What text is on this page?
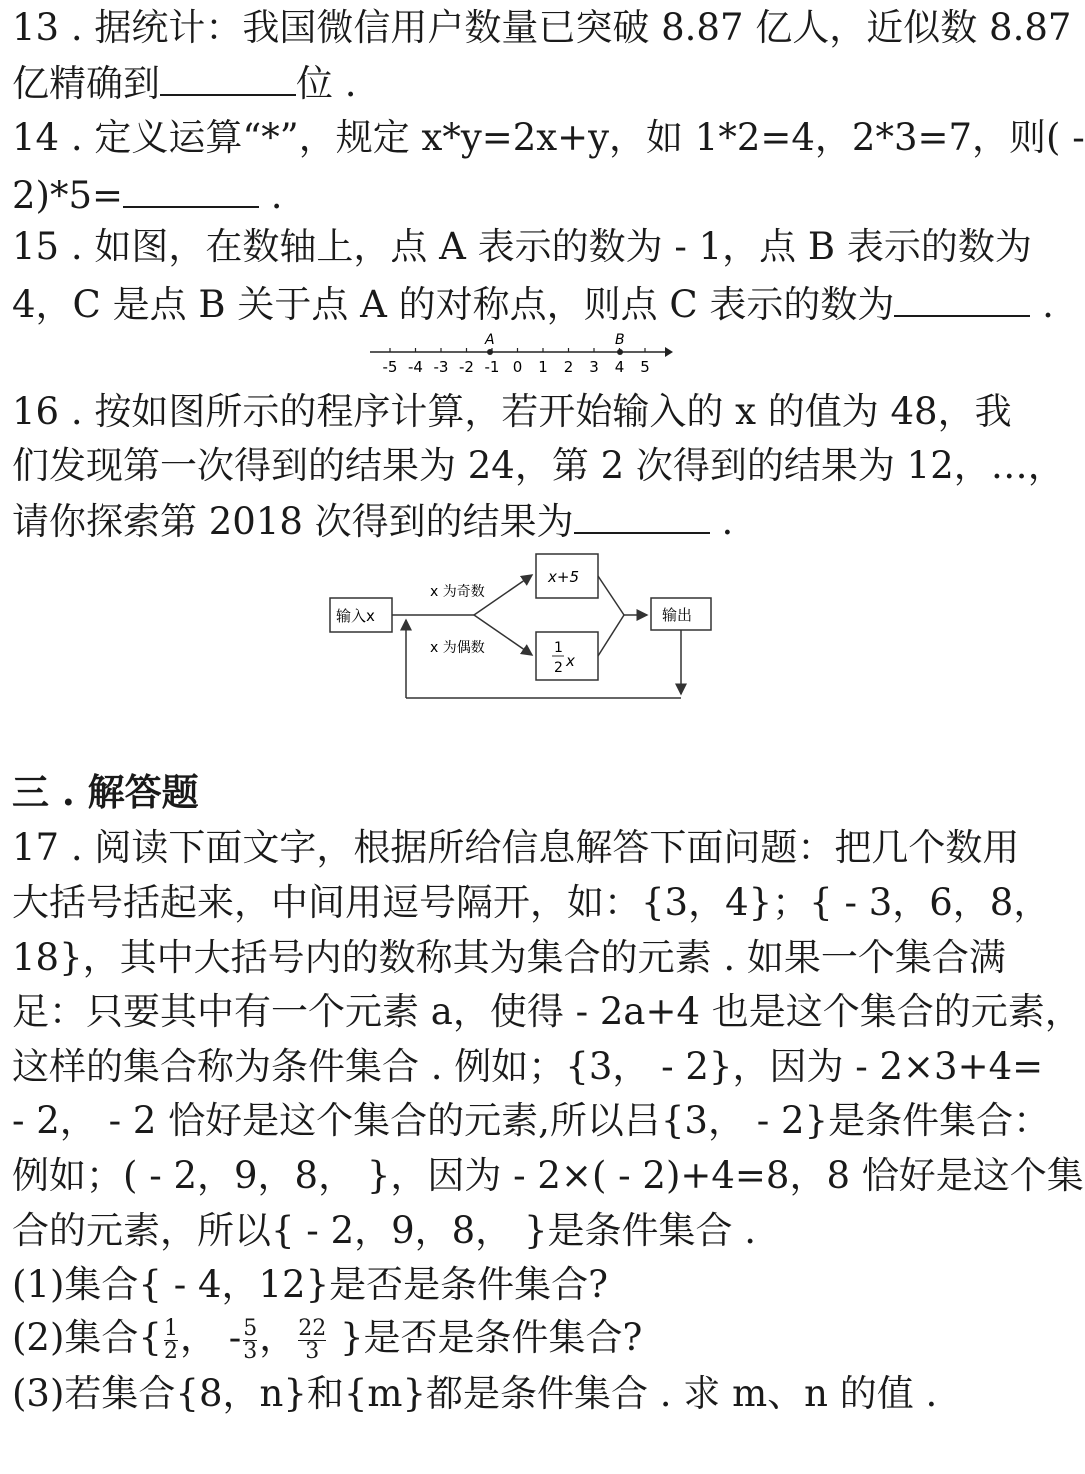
13 . 据统计：我国微信用户数量已突破 8.87 亿人，近似数 8.87
亿精确到	位 .
14 . 定义运算“*”，规定 x*y=2x+y，如 1*2=4，2*3=7，则( -
2)*5=	.
15 . 如图，在数轴上，点 A 表示的数为 - 1，点 B 表示的数为
4，C 是点 B 关于点 A 的对称点，则点 C 表示的数为	.
-5 -4 -3 -2 -1 0 1 2 3 4 5
A	B
16 . 按如图所示的程序计算，若开始输入的 x 的值为 48，我
们发现第一次得到的结果为 24，第 2 次得到的结果为 12，…，
请你探索第 2018 次得到的结果为	.
输入x
x 为奇数
x 为偶数
x+5
1
2 x
输出
三 . 解答题
17 . 阅读下面文字，根据所给信息解答下面问题：把几个数用
大括号括起来，中间用逗号隔开，如：{3，4}；{ - 3，6，8，
18}，其中大括号内的数称其为集合的元素 . 如果一个集合满
足：只要其中有一个元素 a，使得 - 2a+4 也是这个集合的元素，
这样的集合称为条件集合 . 例如；{3， - 2}，因为 - 2×3+4=
- 2， - 2 恰好是这个集合的元素,所以吕{3， - 2}是条件集合：
例如；( - 2，9，8， }，因为 - 2×( - 2)+4=8，8 恰好是这个集
合的元素，所以{ - 2，9，8， }是条件集合 .
(1)集合{ - 4，12}是否是条件集合?
(2)集合{ $\frac{1}{2}$ ， - $\frac{5}{3}$ ， $\frac{22}{3}$ }是否是条件集合?
(3)若集合{8，n}和{m}都是条件集合 . 求 m、n 的值 .
